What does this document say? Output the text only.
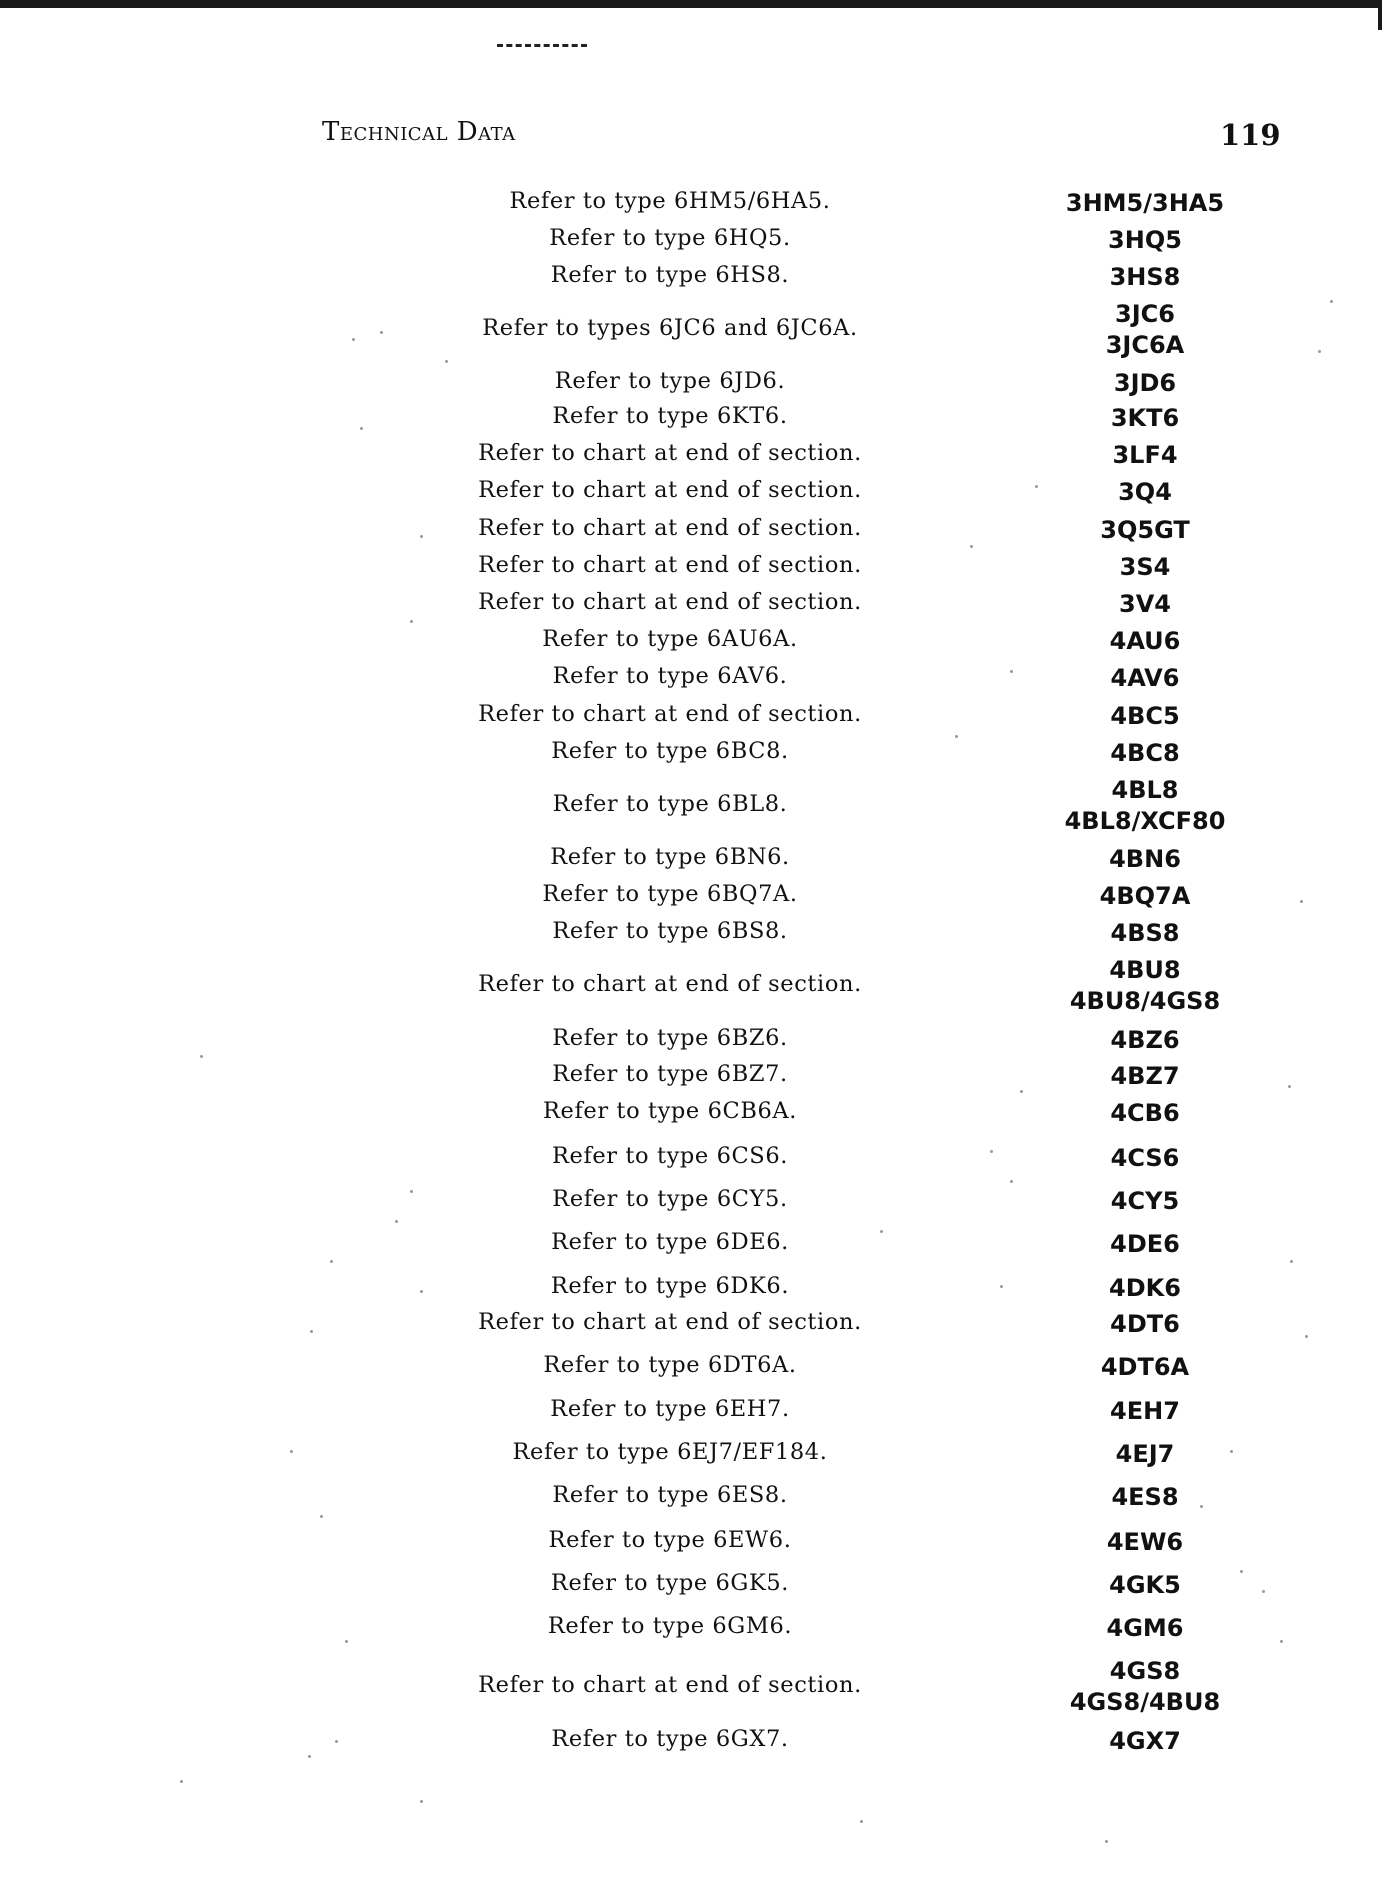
Technical Data	119
Refer to type 6HM5/6HA5.	3HM5/3HA5
Refer to type 6HQ5.	3HQ5
Refer to type 6HS8.	3HS8
Refer to types 6JC6 and 6JC6A.	3JC6
3JC6A
Refer to type 6JD6.	3JD6
Refer to type 6KT6.	3KT6
Refer to chart at end of section.	3LF4
Refer to chart at end of section.	3Q4
Refer to chart at end of section.	3Q5GT
Refer to chart at end of section.	3S4
Refer to chart at end of section.	3V4
Refer to type 6AU6A.	4AU6
Refer to type 6AV6.	4AV6
Refer to chart at end of section.	4BC5
Refer to type 6BC8.	4BC8
Refer to type 6BL8.	4BL8
4BL8/XCF80
Refer to type 6BN6.	4BN6
Refer to type 6BQ7A.	4BQ7A
Refer to type 6BS8.	4BS8
Refer to chart at end of section.	4BU8
4BU8/4GS8
Refer to type 6BZ6.	4BZ6
Refer to type 6BZ7.	4BZ7
Refer to type 6CB6A.	4CB6
Refer to type 6CS6.	4CS6
Refer to type 6CY5.	4CY5
Refer to type 6DE6.	4DE6
Refer to type 6DK6.	4DK6
Refer to chart at end of section.	4DT6
Refer to type 6DT6A.	4DT6A
Refer to type 6EH7.	4EH7
Refer to type 6EJ7/EF184.	4EJ7
Refer to type 6ES8.	4ES8
Refer to type 6EW6.	4EW6
Refer to type 6GK5.	4GK5
Refer to type 6GM6.	4GM6
Refer to chart at end of section.	4GS8
4GS8/4BU8
Refer to type 6GX7.	4GX7
